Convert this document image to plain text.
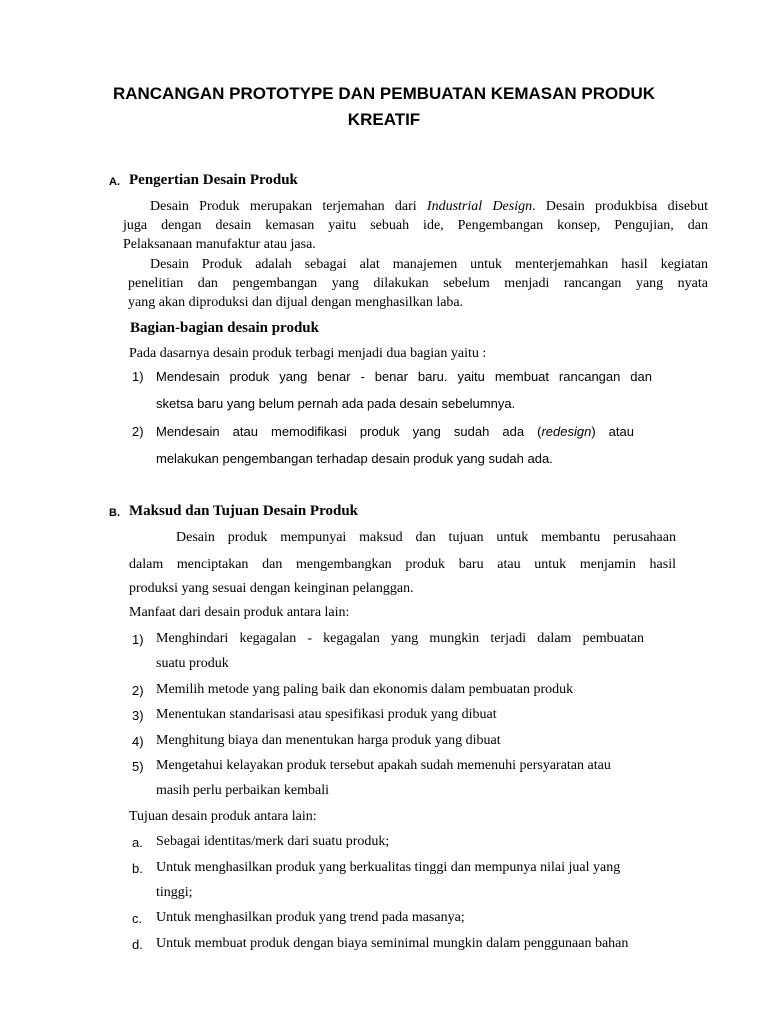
RANCANGAN PROTOTYPE DAN PEMBUATAN KEMASAN PRODUK
KREATIF
A. Pengertian Desain Produk
Desain Produk merupakan terjemahan dari Industrial Design. Desain produkbisa disebut
juga dengan desain kemasan yaitu sebuah ide, Pengembangan konsep, Pengujian, dan
Pelaksanaan manufaktur atau jasa.
Desain Produk adalah sebagai alat manajemen untuk menterjemahkan hasil kegiatan
penelitian dan pengembangan yang dilakukan sebelum menjadi rancangan yang nyata
yang akan diproduksi dan dijual dengan menghasilkan laba.
Bagian-bagian desain produk
Pada dasarnya desain produk terbagi menjadi dua bagian yaitu :
1) Mendesain produk yang benar - benar baru. yaitu membuat rancangan dan
sketsa baru yang belum pernah ada pada desain sebelumnya.
2) Mendesain atau memodifikasi produk yang sudah ada (redesign) atau
melakukan pengembangan terhadap desain produk yang sudah ada.
B. Maksud dan Tujuan Desain Produk
Desain produk mempunyai maksud dan tujuan untuk membantu perusahaan
dalam menciptakan dan mengembangkan produk baru atau untuk menjamin hasil
produksi yang sesuai dengan keinginan pelanggan.
Manfaat dari desain produk antara lain:
1) Menghindari kegagalan - kegagalan yang mungkin terjadi dalam pembuatan
suatu produk
2) Memilih metode yang paling baik dan ekonomis dalam pembuatan produk
3) Menentukan standarisasi atau spesifikasi produk yang dibuat
4) Menghitung biaya dan menentukan harga produk yang dibuat
5) Mengetahui kelayakan produk tersebut apakah sudah memenuhi persyaratan atau
masih perlu perbaikan kembali
Tujuan desain produk antara lain:
a. Sebagai identitas/merk dari suatu produk;
b. Untuk menghasilkan produk yang berkualitas tinggi dan mempunya nilai jual yang
tinggi;
c. Untuk menghasilkan produk yang trend pada masanya;
d. Untuk membuat produk dengan biaya seminimal mungkin dalam penggunaan bahan
